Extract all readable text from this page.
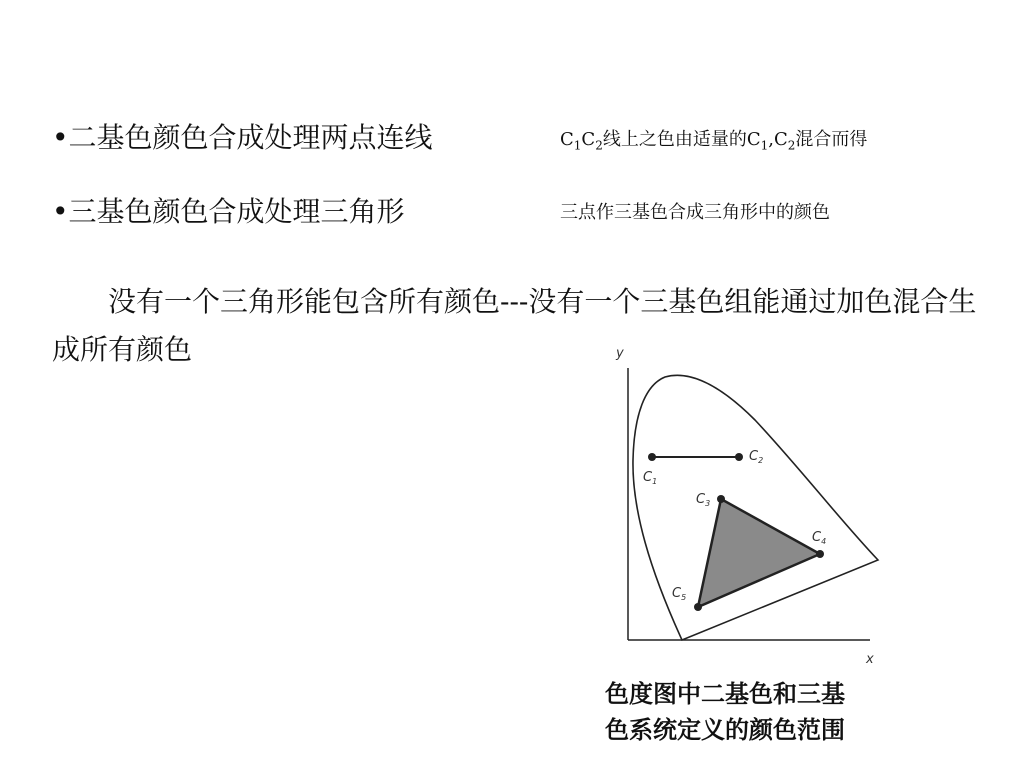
•二基色颜色合成处理两点连线	$C_1C_2$线上之色由适量的$C_1,C_2$混合而得
•三基色颜色合成处理三角形	三点作三基色合成三角形中的颜色
没有一个三角形能包含所有颜色---没有一个三基色组能通过加色混合生成所有颜色	y
x
$C_1$
$C_2$
$C_3$
$C_4$
$C_5$
色度图中二基色和三基
色系统定义的颜色范围
